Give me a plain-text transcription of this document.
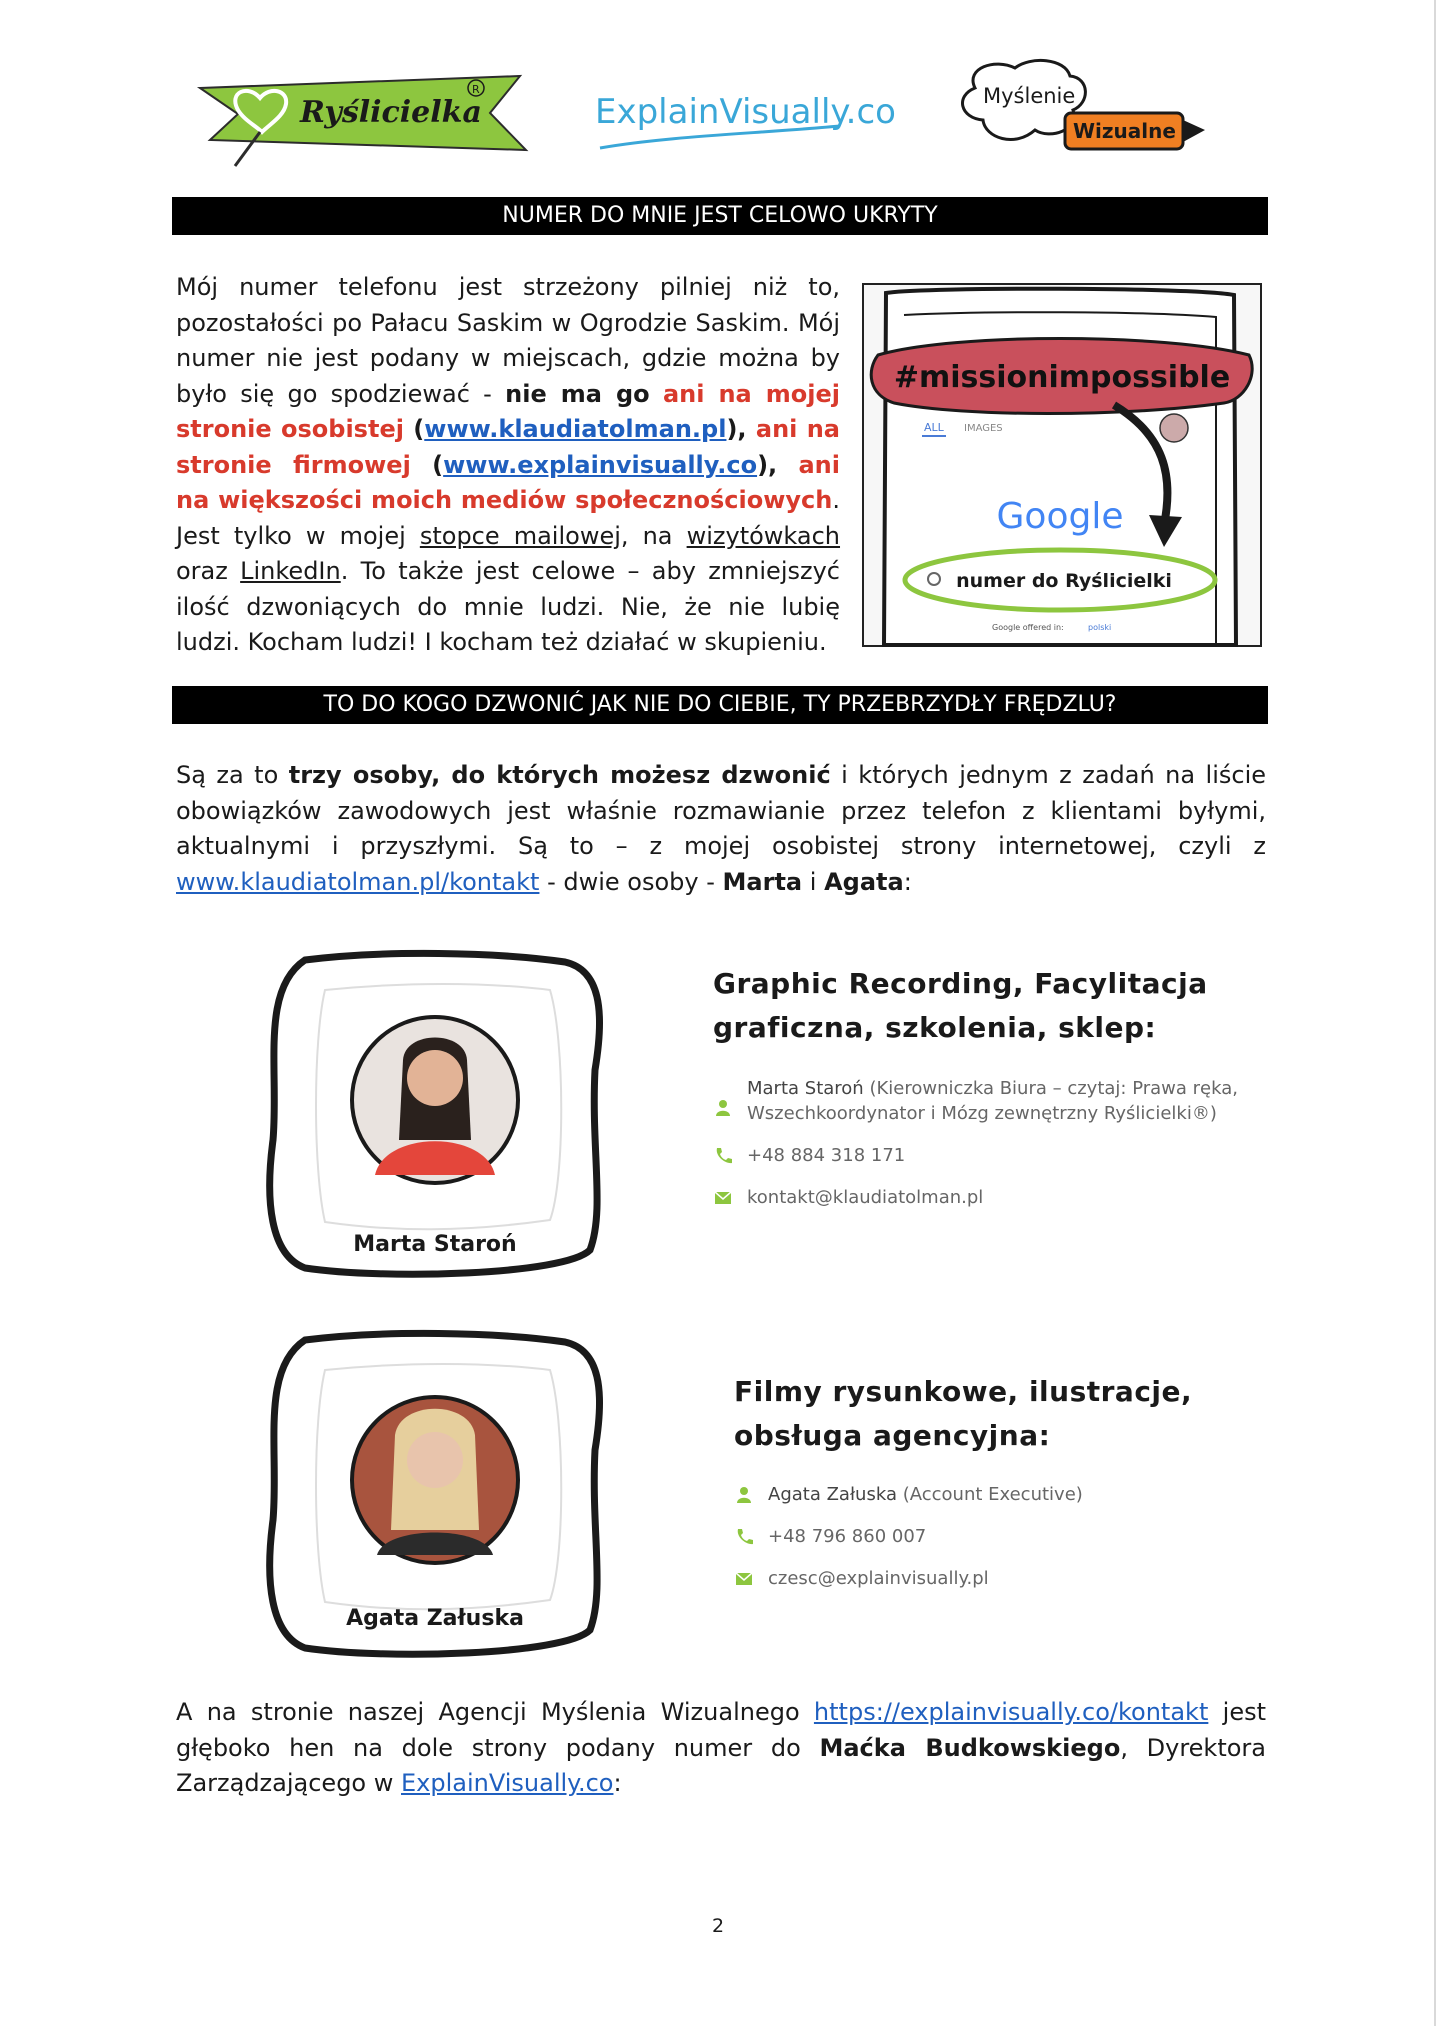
Ryślicielka
R
ExplainVisually.co	Myślenie
Wizualne
NUMER DO MNIE JEST CELOWO UKRYTY
Mój numer telefonu jest strzeżony pilniej niż to, pozostałości po Pałacu Saskim w Ogrodzie Saskim. Mój numer nie jest podany w miejscach, gdzie można by było się go spodziewać - nie ma go ani na mojej stronie osobistej (www.klaudiatolman.pl), ani na stronie firmowej (www.explainvisually.co), ani na większości moich mediów społecznościowych. Jest tylko w mojej stopce mailowej, na wizytówkach oraz LinkedIn. To także jest celowe – aby zmniejszyć ilość dzwoniących do mnie ludzi. Nie, że nie lubię ludzi. Kocham ludzi! I kocham też działać w skupieniu.
ALL IMAGES
#missionimpossible
Google
numer do Ryślicielki
Google offered in:	polski
TO DO KOGO DZWONIĆ JAK NIE DO CIEBIE, TY PRZEBRZYDŁY FRĘDZLU?
Są za to trzy osoby, do których możesz dzwonić i których jednym z zadań na liście obowiązków zawodowych jest właśnie rozmawianie przez telefon z klientami byłymi, aktualnymi i przyszłymi. Są to – z mojej osobistej strony internetowej, czyli z www.klaudiatolman.pl/kontakt - dwie osoby - Marta i Agata:
Marta Staroń
Graphic Recording, Facylitacja
graficzna, szkolenia, sklep:
Marta Staroń (Kierowniczka Biura – czytaj: Prawa ręka, Wszechkoordynator i Mózg zewnętrzny Ryślicielki®)
+48 884 318 171
kontakt@klaudiatolman.pl
Agata Załuska
Filmy rysunkowe, ilustracje,
obsługa agencyjna:
Agata Załuska (Account Executive)
+48 796 860 007
czesc@explainvisually.pl
A na stronie naszej Agencji Myślenia Wizualnego https://explainvisually.co/kontakt jest głęboko hen na dole strony podany numer do Maćka Budkowskiego, Dyrektora Zarządzającego w ExplainVisually.co:
2
